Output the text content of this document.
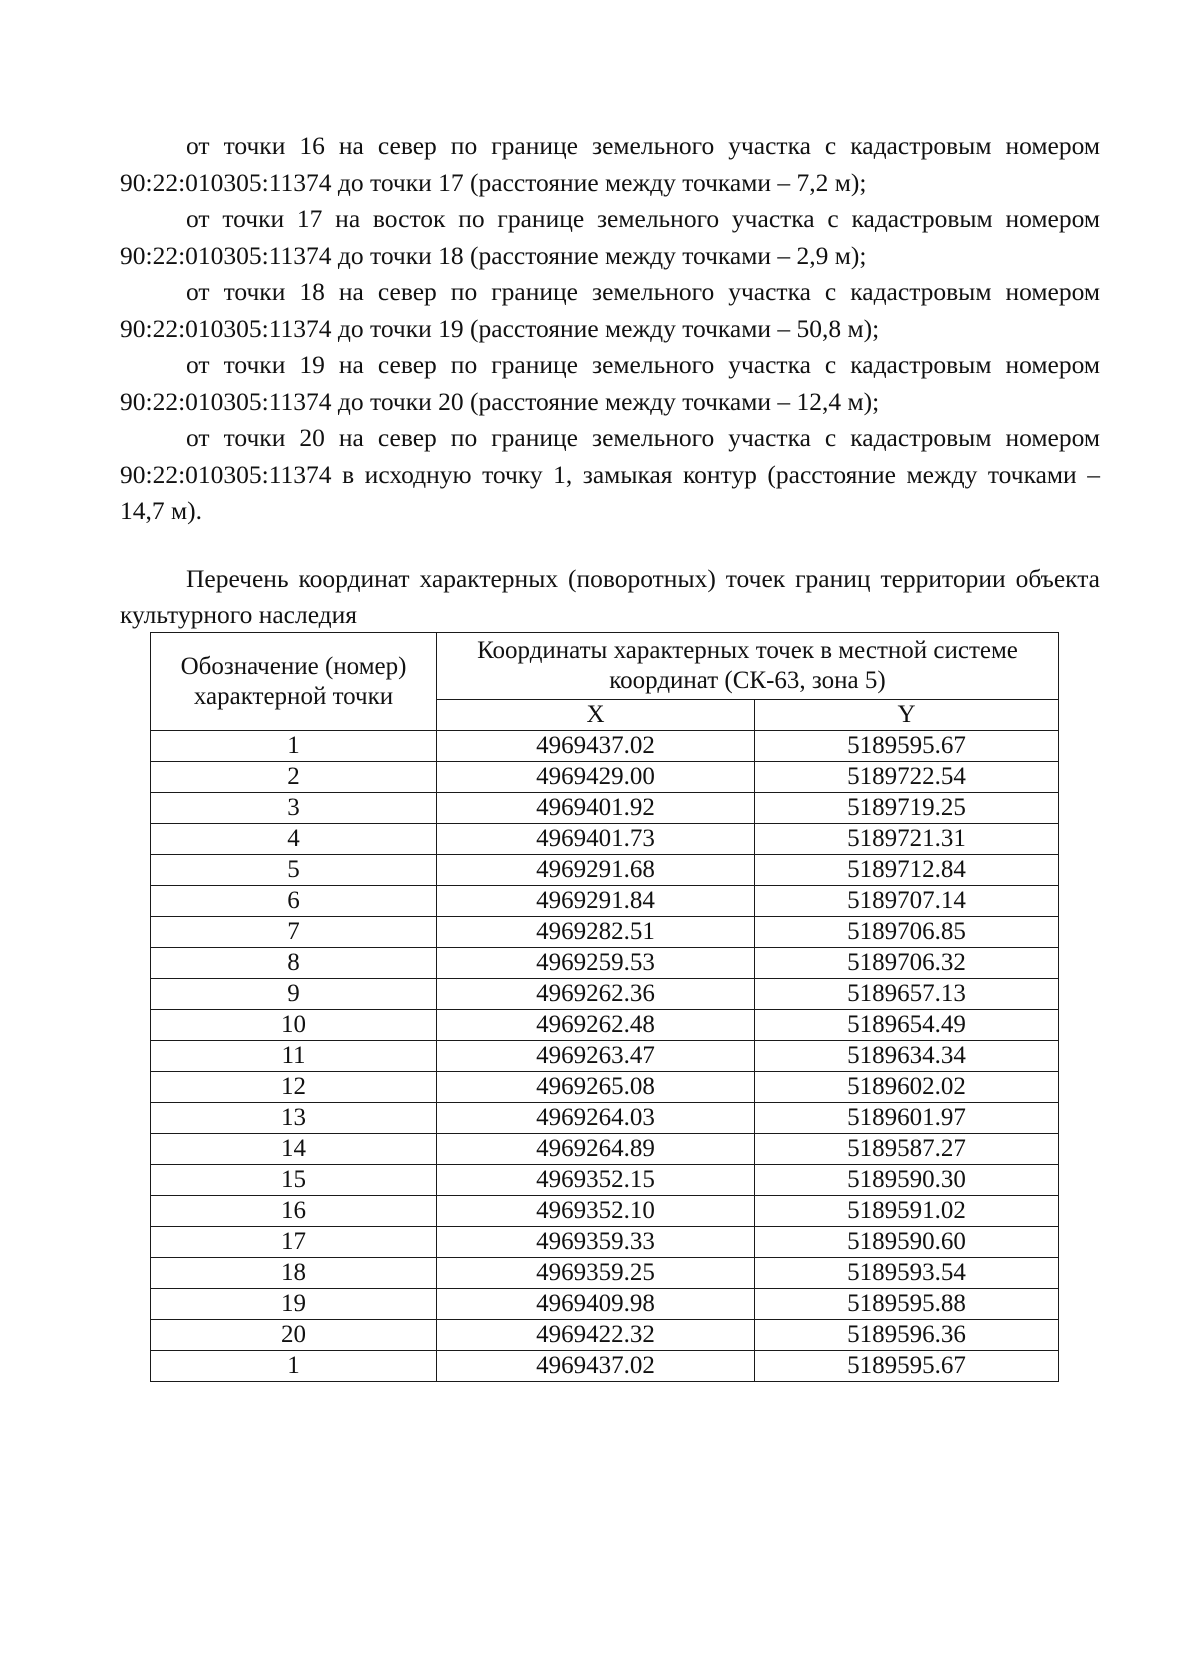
от точки 16 на север по границе земельного участка с кадастровым номером 90:22:010305:11374 до точки 17 (расстояние между точками – 7,2 м);

от точки 17 на восток по границе земельного участка с кадастровым номером 90:22:010305:11374 до точки 18 (расстояние между точками – 2,9 м);

от точки 18 на север по границе земельного участка с кадастровым номером 90:22:010305:11374 до точки 19 (расстояние между точками – 50,8 м);

от точки 19 на север по границе земельного участка с кадастровым номером 90:22:010305:11374 до точки 20 (расстояние между точками – 12,4 м);

от точки 20 на север по границе земельного участка с кадастровым номером 90:22:010305:11374 в исходную точку 1, замыкая контур (расстояние между точками – 14,7 м).

Перечень координат характерных (поворотных) точек границ территории объекта культурного наследия

Обозначение (номер) характерной точки	Координаты характерных точек в местной системе координат (СК-63, зона 5)	
	X	Y
1	4969437.02	5189595.67
2	4969429.00	5189722.54
3	4969401.92	5189719.25
4	4969401.73	5189721.31
5	4969291.68	5189712.84
6	4969291.84	5189707.14
7	4969282.51	5189706.85
8	4969259.53	5189706.32
9	4969262.36	5189657.13
10	4969262.48	5189654.49
11	4969263.47	5189634.34
12	4969265.08	5189602.02
13	4969264.03	5189601.97
14	4969264.89	5189587.27
15	4969352.15	5189590.30
16	4969352.10	5189591.02
17	4969359.33	5189590.60
18	4969359.25	5189593.54
19	4969409.98	5189595.88
20	4969422.32	5189596.36
1	4969437.02	5189595.67
